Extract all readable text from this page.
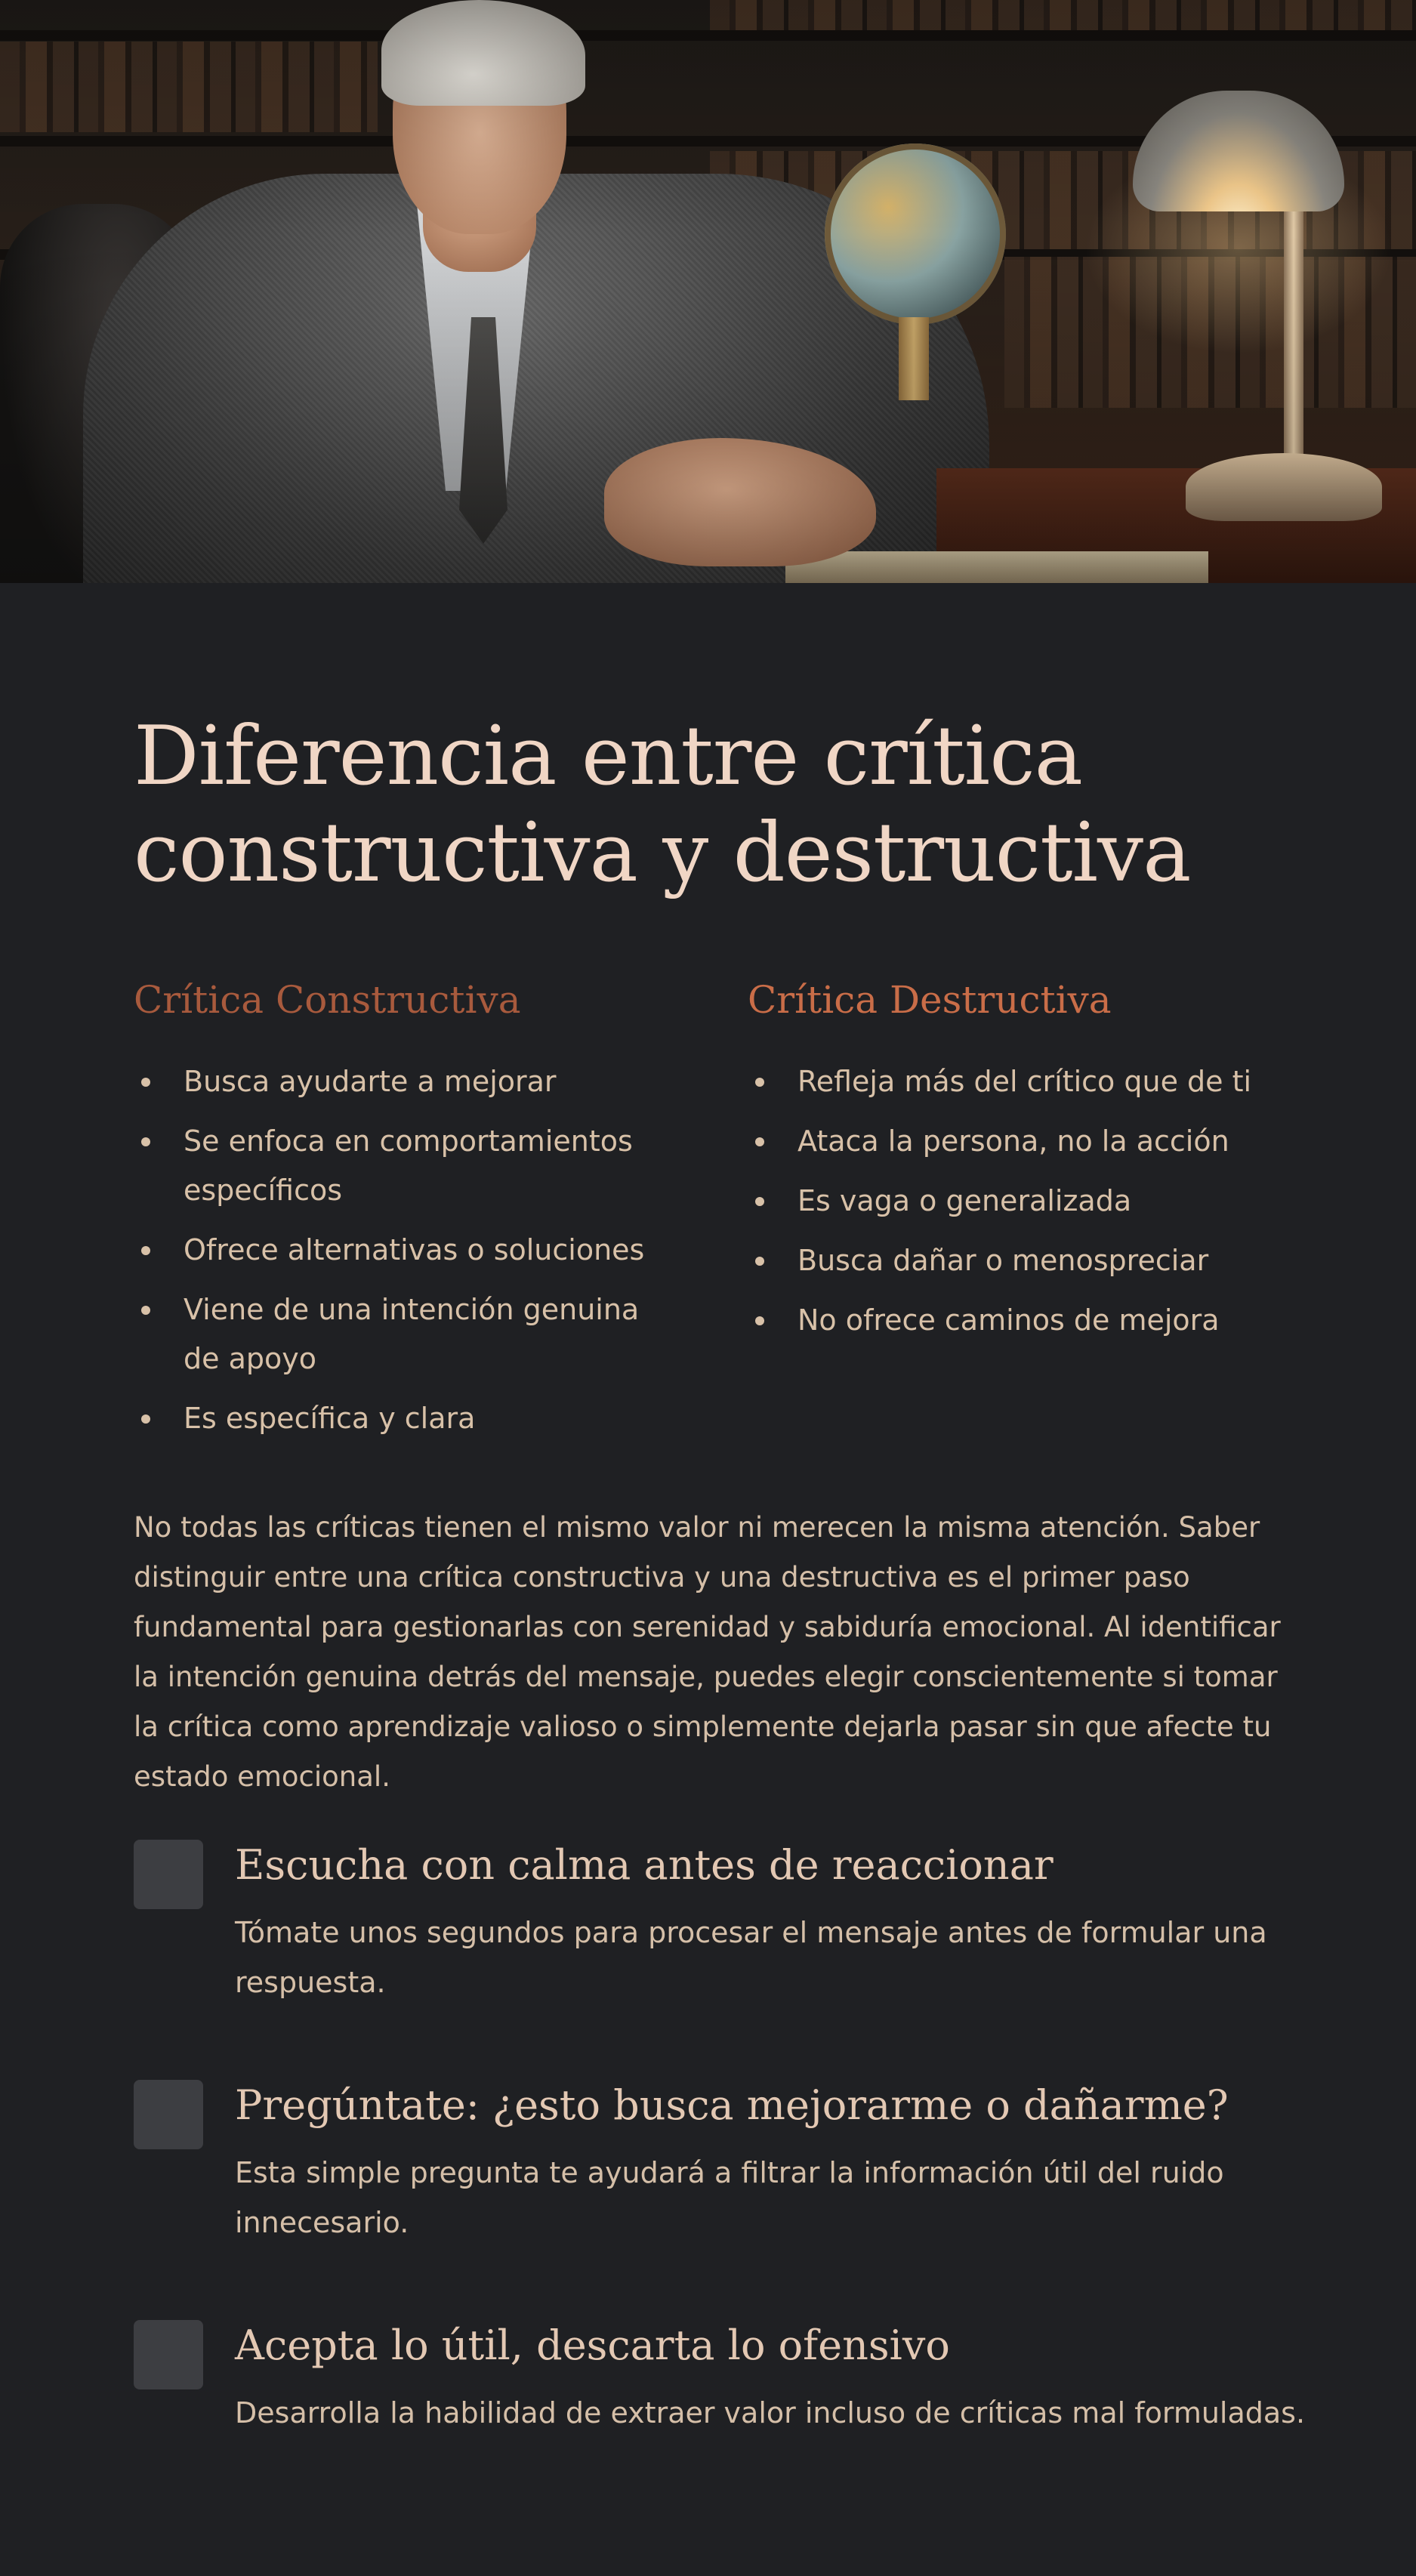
Diferencia entre crítica constructiva y destructiva
Crítica Constructiva
Busca ayudarte a mejorar
Se enfoca en comportamientos específicos
Ofrece alternativas o soluciones
Viene de una intención genuina de apoyo
Es específica y clara
Crítica Destructiva
Refleja más del crítico que de ti
Ataca la persona, no la acción
Es vaga o generalizada
Busca dañar o menospreciar
No ofrece caminos de mejora

No todas las críticas tienen el mismo valor ni merecen la misma atención. Saber distinguir entre una crítica constructiva y una destructiva es el primer paso fundamental para gestionarlas con serenidad y sabiduría emocional. Al identificar la intención genuina detrás del mensaje, puedes elegir conscientemente si tomar la crítica como aprendizaje valioso o simplemente dejarla pasar sin que afecte tu estado emocional.

Escucha con calma antes de reaccionar

Tómate unos segundos para procesar el mensaje antes de formular una respuesta.

Pregúntate: ¿esto busca mejorarme o dañarme?

Esta simple pregunta te ayudará a filtrar la información útil del ruido innecesario.

Acepta lo útil, descarta lo ofensivo

Desarrolla la habilidad de extraer valor incluso de críticas mal formuladas.
